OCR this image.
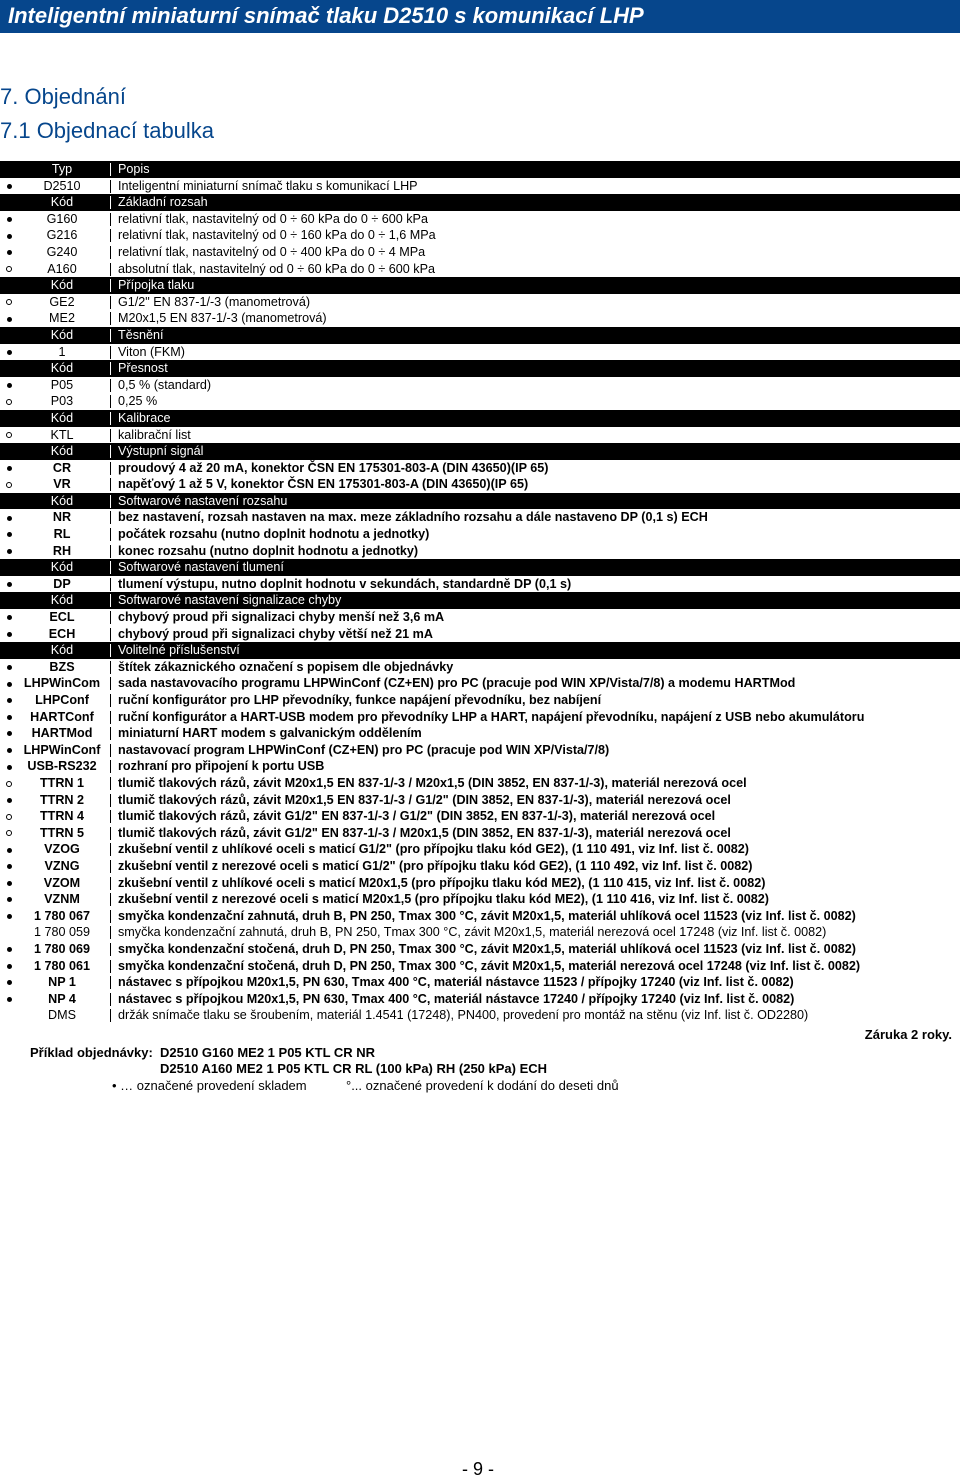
Inteligentní miniaturní snímač tlaku D2510 s komunikací LHP
7. Objednání
7.1 Objednací tabulka
Typ	Popis
D2510	Inteligentní miniaturní snímač tlaku s komunikací LHP
Kód	Základní rozsah
G160	relativní tlak, nastavitelný od 0 ÷ 60 kPa do 0 ÷ 600 kPa
G216	relativní tlak, nastavitelný od 0 ÷ 160 kPa do 0 ÷ 1,6 MPa
G240	relativní tlak, nastavitelný od 0 ÷ 400 kPa do 0 ÷ 4 MPa
A160	absolutní tlak, nastavitelný od 0 ÷ 60 kPa do 0 ÷ 600 kPa
Kód	Přípojka tlaku
GE2	G1/2" EN 837-1/-3 (manometrová)
ME2	M20x1,5 EN 837-1/-3 (manometrová)
Kód	Těsnění
1	Viton (FKM)
Kód	Přesnost
P05	0,5 % (standard)
P03	0,25 %
Kód	Kalibrace
KTL	kalibrační list
Kód	Výstupní signál
CR	proudový 4 až 20 mA, konektor ČSN EN 175301-803-A (DIN 43650)(IP 65)
VR	napěťový 1 až 5 V, konektor ČSN EN 175301-803-A (DIN 43650)(IP 65)
Kód	Softwarové nastavení rozsahu
NR	bez nastavení, rozsah nastaven na max. meze základního rozsahu a dále nastaveno DP (0,1 s) ECH
RL	počátek rozsahu (nutno doplnit hodnotu a jednotky)
RH	konec rozsahu (nutno doplnit hodnotu a jednotky)
Kód	Softwarové nastavení tlumení
DP	tlumení výstupu, nutno doplnit hodnotu v sekundách, standardně DP (0,1 s)
Kód	Softwarové nastavení signalizace chyby
ECL	chybový proud při signalizaci chyby menší než 3,6 mA
ECH	chybový proud při signalizaci chyby větší než 21 mA
Kód	Volitelné příslušenství
BZS	štítek zákaznického označení s popisem dle objednávky
LHPWinCom	sada nastavovacího programu LHPWinConf (CZ+EN) pro PC (pracuje pod WIN XP/Vista/7/8) a modemu HARTMod
LHPConf	ruční konfigurátor pro LHP převodníky, funkce napájení převodníku, bez nabíjení
HARTConf	ruční konfigurátor a HART-USB modem pro převodníky LHP a HART, napájení převodníku, napájení z USB nebo akumulátoru
HARTMod	miniaturní HART modem s galvanickým oddělením
LHPWinConf	nastavovací program LHPWinConf (CZ+EN) pro PC (pracuje pod WIN XP/Vista/7/8)
USB-RS232	rozhraní pro připojení k portu USB
TTRN 1	tlumič tlakových rázů, závit M20x1,5 EN 837-1/-3 / M20x1,5 (DIN 3852, EN 837-1/-3), materiál nerezová ocel
TTRN 2	tlumič tlakových rázů, závit M20x1,5 EN 837-1/-3 / G1/2" (DIN 3852, EN 837-1/-3), materiál nerezová ocel
TTRN 4	tlumič tlakových rázů, závit G1/2" EN 837-1/-3 / G1/2" (DIN 3852, EN 837-1/-3), materiál nerezová ocel
TTRN 5	tlumič tlakových rázů, závit G1/2" EN 837-1/-3 / M20x1,5 (DIN 3852, EN 837-1/-3), materiál nerezová ocel
VZOG	zkušební ventil z uhlíkové oceli s maticí G1/2" (pro přípojku tlaku kód GE2), (1 110 491, viz Inf. list č. 0082)
VZNG	zkušební ventil z nerezové oceli s maticí G1/2" (pro přípojku tlaku kód GE2), (1 110 492, viz Inf. list č. 0082)
VZOM	zkušební ventil z uhlíkové oceli s maticí M20x1,5 (pro přípojku tlaku kód ME2), (1 110 415, viz Inf. list č. 0082)
VZNM	zkušební ventil z nerezové oceli s maticí M20x1,5 (pro přípojku tlaku kód ME2), (1 110 416, viz Inf. list č. 0082)
1 780 067	smyčka kondenzační zahnutá, druh B, PN 250, Tmax 300 °C, závit M20x1,5, materiál uhlíková ocel 11523 (viz Inf. list č. 0082)
1 780 059	smyčka kondenzační zahnutá, druh B, PN 250, Tmax 300 °C, závit M20x1,5, materiál nerezová ocel 17248 (viz Inf. list č. 0082)
1 780 069	smyčka kondenzační stočená, druh D, PN 250, Tmax 300 °C, závit M20x1,5, materiál uhlíková ocel 11523 (viz Inf. list č. 0082)
1 780 061	smyčka kondenzační stočená, druh D, PN 250, Tmax 300 °C, závit M20x1,5, materiál nerezová ocel 17248 (viz Inf. list č. 0082)
NP 1	nástavec s přípojkou M20x1,5, PN 630, Tmax 400 °C, materiál nástavce 11523 / přípojky 17240 (viz Inf. list č. 0082)
NP 4	nástavec s přípojkou M20x1,5, PN 630, Tmax 400 °C, materiál nástavce 17240 / přípojky 17240 (viz Inf. list č. 0082)
DMS	držák snímače tlaku se šroubením, materiál 1.4541 (17248), PN400, provedení pro montáž na stěnu (viz Inf. list č. OD2280)
Záruka 2 roky.
Příklad objednávky: D2510 G160 ME2 1 P05 KTL CR NR
D2510 A160 ME2 1 P05 KTL CR RL (100 kPa) RH (250 kPa) ECH
• … označené provedení skladem	°... označené provedení k dodání do deseti dnů
- 9 -
